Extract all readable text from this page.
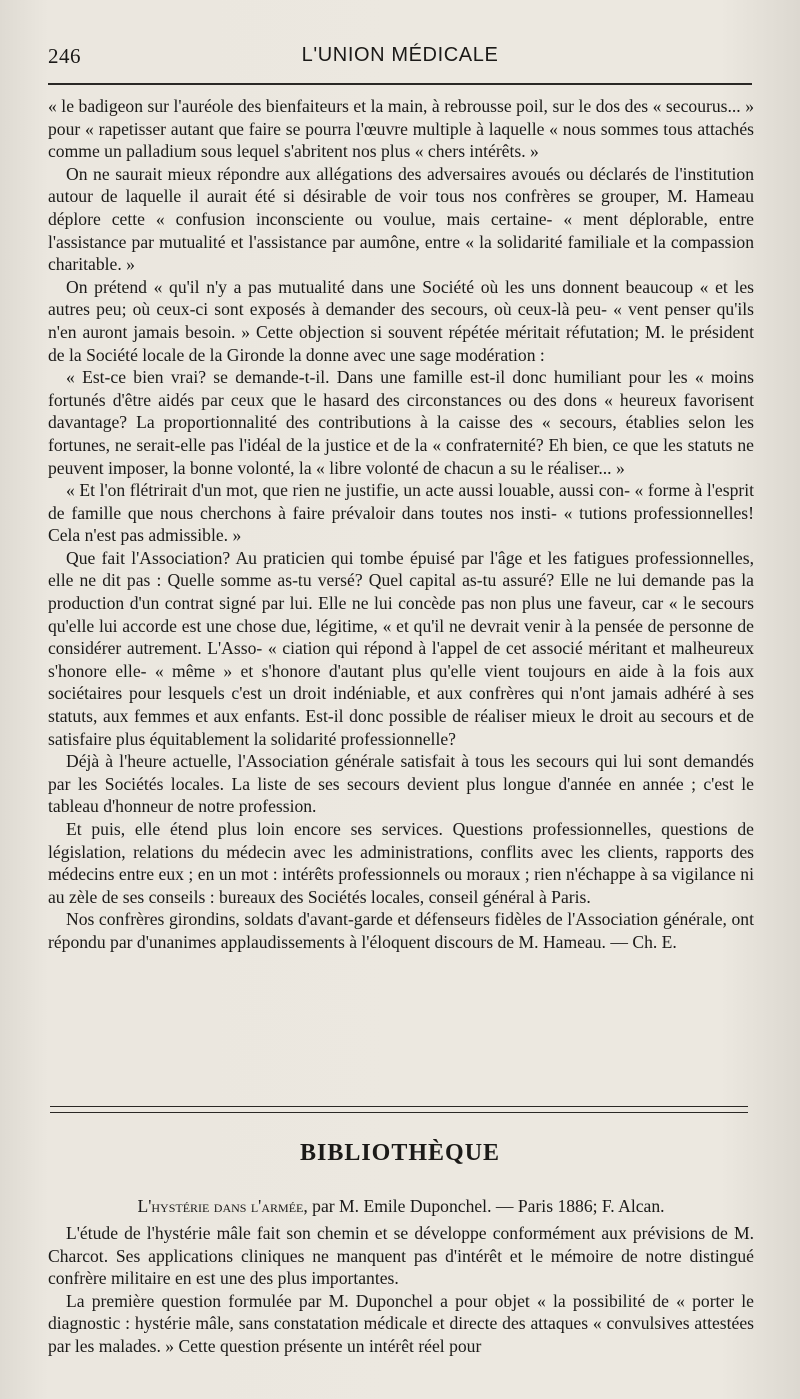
246	L'UNION MÉDICALE

« le badigeon sur l'auréole des bienfaiteurs et la main, à rebrousse poil, sur le dos des « secourus... » pour « rapetisser autant que faire se pourra l'œuvre multiple à laquelle « nous sommes tous attachés comme un palladium sous lequel s'abritent nos plus « chers intérêts. »

On ne saurait mieux répondre aux allégations des adversaires avoués ou déclarés de l'institution autour de laquelle il aurait été si désirable de voir tous nos confrères se grouper, M. Hameau déplore cette « confusion inconsciente ou voulue, mais certaine- « ment déplorable, entre l'assistance par mutualité et l'assistance par aumône, entre « la solidarité familiale et la compassion charitable. »

On prétend « qu'il n'y a pas mutualité dans une Société où les uns donnent beaucoup « et les autres peu; où ceux-ci sont exposés à demander des secours, où ceux-là peu- « vent penser qu'ils n'en auront jamais besoin. » Cette objection si souvent répétée méritait réfutation; M. le président de la Société locale de la Gironde la donne avec une sage modération :

« Est-ce bien vrai? se demande-t-il. Dans une famille est-il donc humiliant pour les « moins fortunés d'être aidés par ceux que le hasard des circonstances ou des dons « heureux favorisent davantage? La proportionnalité des contributions à la caisse des « secours, établies selon les fortunes, ne serait-elle pas l'idéal de la justice et de la « confraternité? Eh bien, ce que les statuts ne peuvent imposer, la bonne volonté, la « libre volonté de chacun a su le réaliser... »

« Et l'on flétrirait d'un mot, que rien ne justifie, un acte aussi louable, aussi con- « forme à l'esprit de famille que nous cherchons à faire prévaloir dans toutes nos insti- « tutions professionnelles! Cela n'est pas admissible. »

Que fait l'Association? Au praticien qui tombe épuisé par l'âge et les fatigues professionnelles, elle ne dit pas : Quelle somme as-tu versé? Quel capital as-tu assuré? Elle ne lui demande pas la production d'un contrat signé par lui. Elle ne lui concède pas non plus une faveur, car « le secours qu'elle lui accorde est une chose due, légitime, « et qu'il ne devrait venir à la pensée de personne de considérer autrement. L'Asso- « ciation qui répond à l'appel de cet associé méritant et malheureux s'honore elle- « même » et s'honore d'autant plus qu'elle vient toujours en aide à la fois aux sociétaires pour lesquels c'est un droit indéniable, et aux confrères qui n'ont jamais adhéré à ses statuts, aux femmes et aux enfants. Est-il donc possible de réaliser mieux le droit au secours et de satisfaire plus équitablement la solidarité professionnelle?

Déjà à l'heure actuelle, l'Association générale satisfait à tous les secours qui lui sont demandés par les Sociétés locales. La liste de ses secours devient plus longue d'année en année ; c'est le tableau d'honneur de notre profession.

Et puis, elle étend plus loin encore ses services. Questions professionnelles, questions de législation, relations du médecin avec les administrations, conflits avec les clients, rapports des médecins entre eux ; en un mot : intérêts professionnels ou moraux ; rien n'échappe à sa vigilance ni au zèle de ses conseils : bureaux des Sociétés locales, conseil général à Paris.

Nos confrères girondins, soldats d'avant-garde et défenseurs fidèles de l'Association générale, ont répondu par d'unanimes applaudissements à l'éloquent discours de M. Hameau. — Ch. E.

BIBLIOTHÈQUE
L'hystérie dans l'armée, par M. Emile Duponchel. — Paris 1886; F. Alcan.

L'étude de l'hystérie mâle fait son chemin et se développe conformément aux prévisions de M. Charcot. Ses applications cliniques ne manquent pas d'intérêt et le mémoire de notre distingué confrère militaire en est une des plus importantes.

La première question formulée par M. Duponchel a pour objet « la possibilité de « porter le diagnostic : hystérie mâle, sans constatation médicale et directe des attaques « convulsives attestées par les malades. » Cette question présente un intérêt réel pour
